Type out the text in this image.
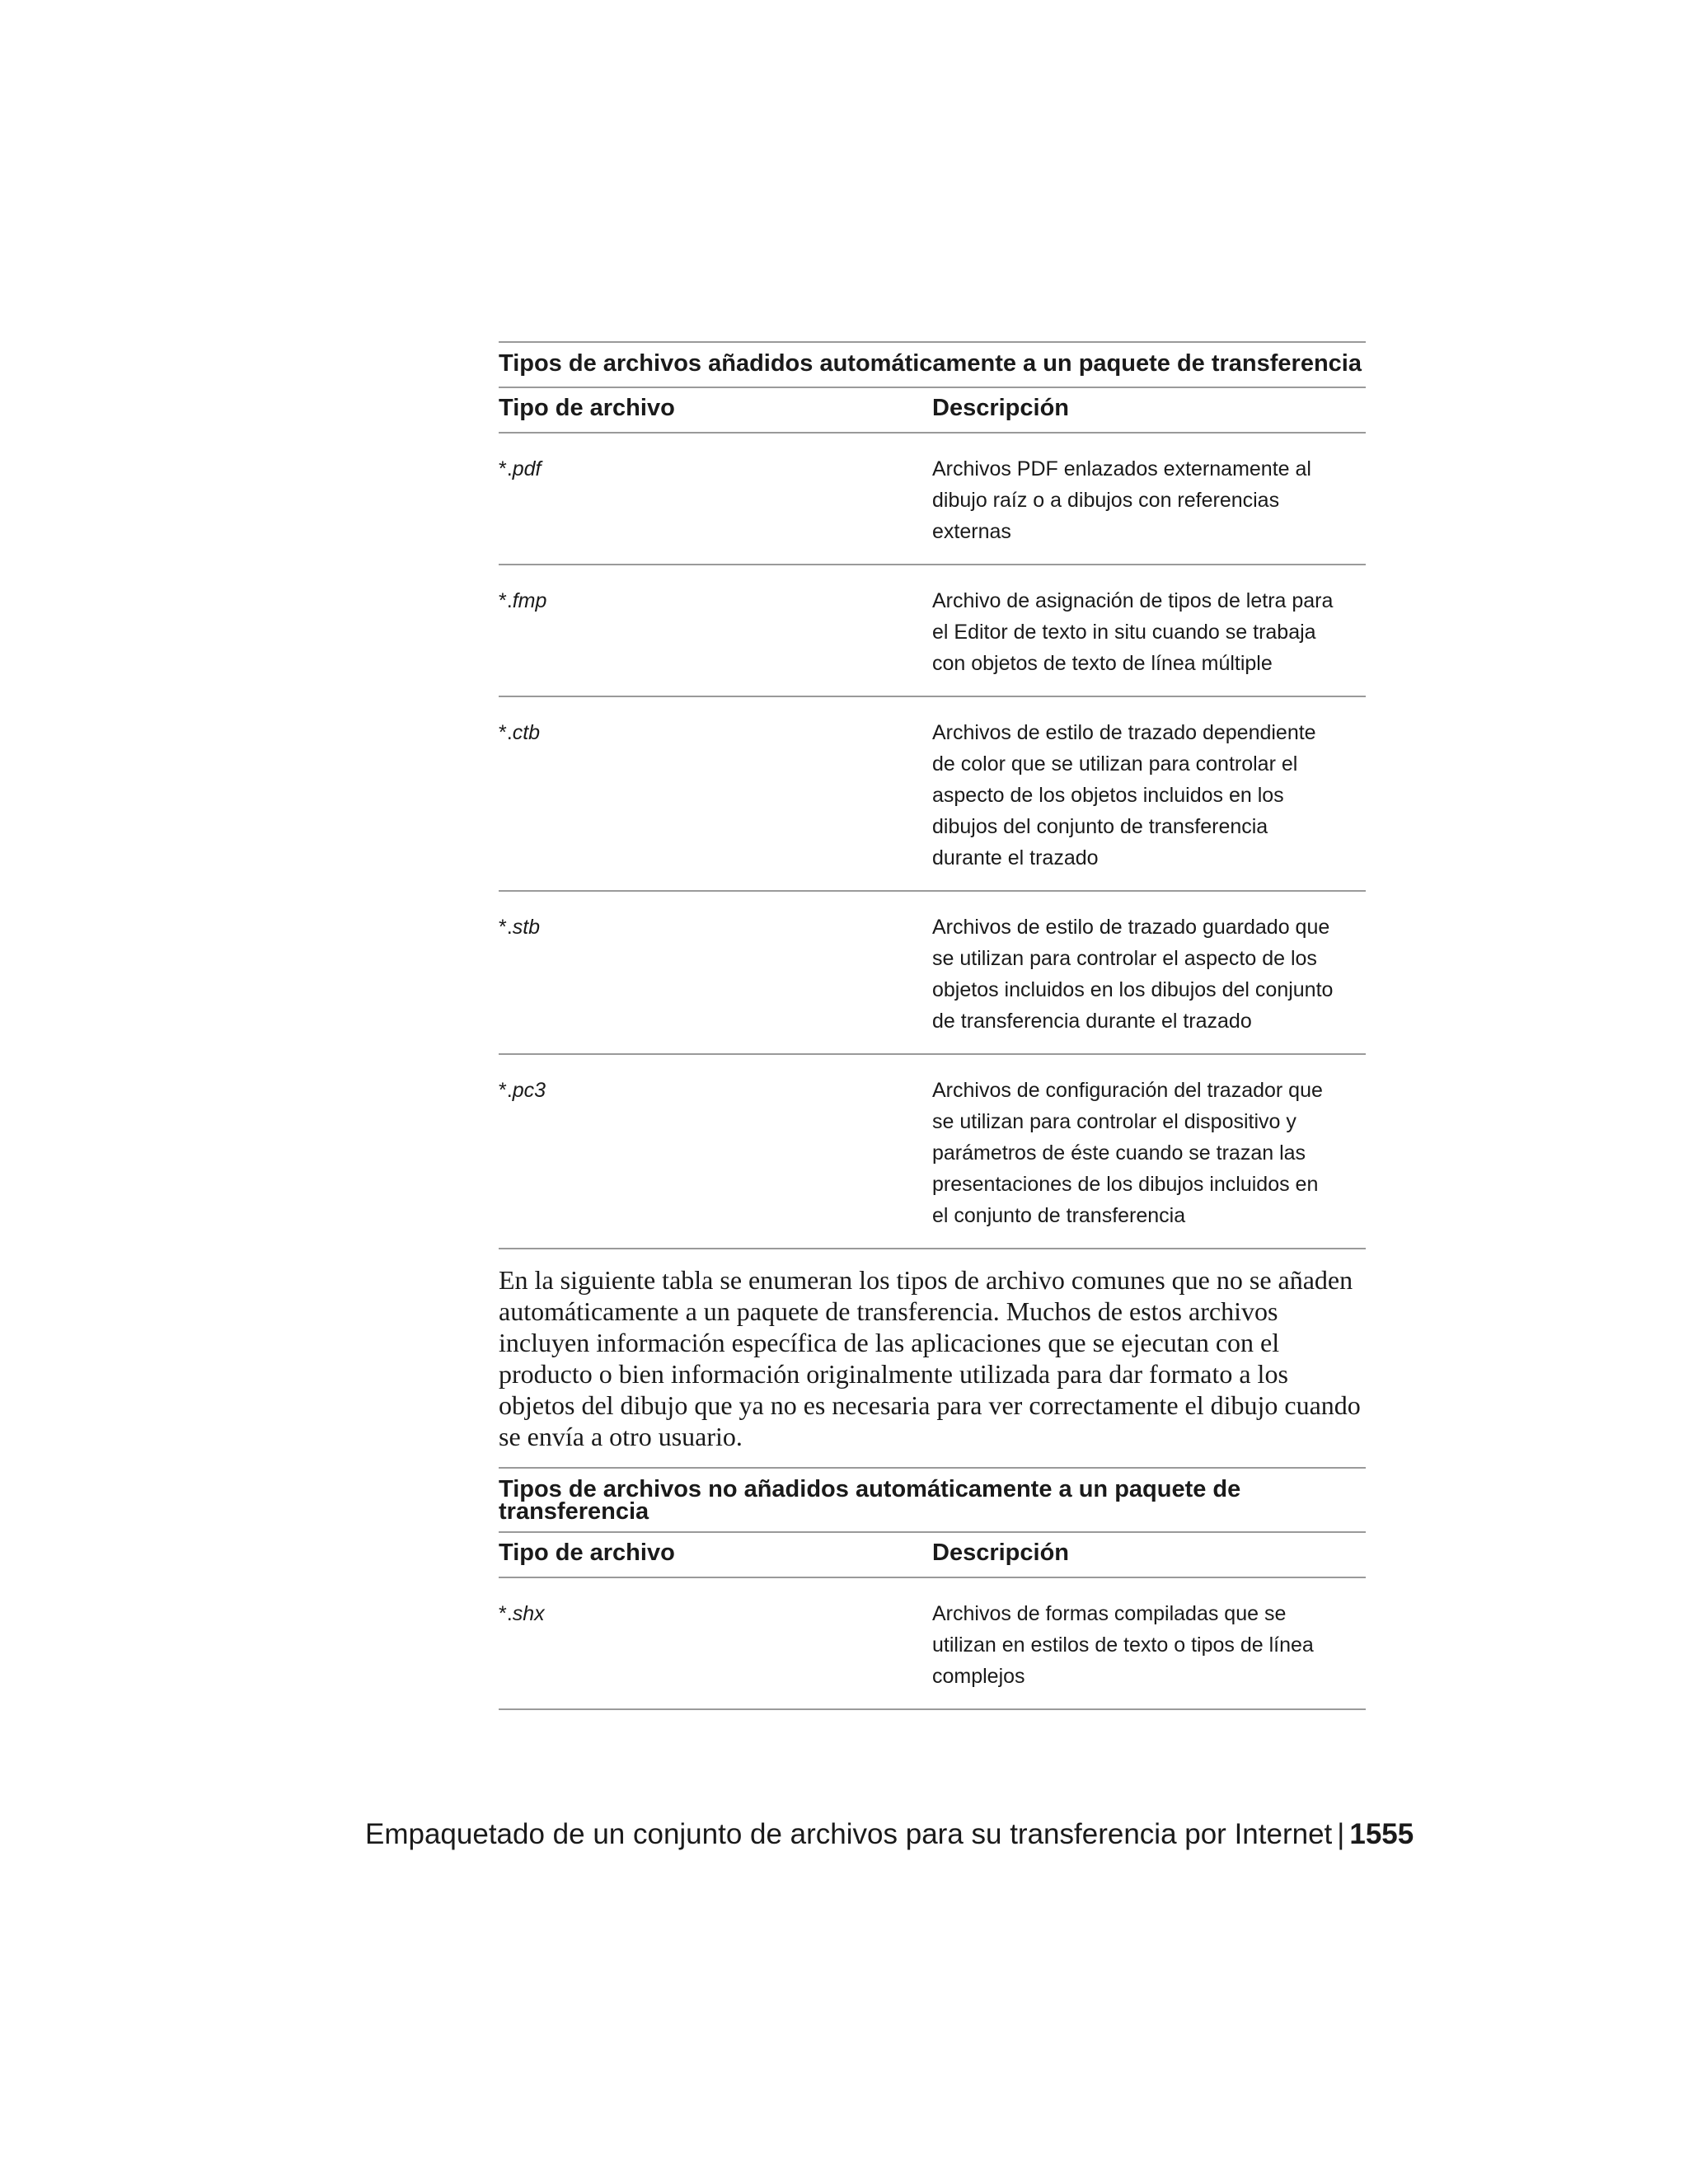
Tipos de archivos añadidos automáticamente a un paquete de transferencia
Tipo de archivo	Descripción
*.pdf	Archivos PDF enlazados externamente al dibujo raíz o a dibujos con referencias externas
*.fmp	Archivo de asignación de tipos de letra para el Editor de texto in situ cuando se trabaja con objetos de texto de línea múltiple
*.ctb	Archivos de estilo de trazado dependiente de color que se utilizan para controlar el aspecto de los objetos incluidos en los dibujos del conjunto de transferencia durante el trazado
*.stb	Archivos de estilo de trazado guardado que se utilizan para controlar el aspecto de los objetos incluidos en los dibujos del conjunto de transferencia durante el trazado
*.pc3	Archivos de configuración del trazador que se utilizan para controlar el dispositivo y parámetros de éste cuando se trazan las presentaciones de los dibujos incluidos en el conjunto de transferencia

En la siguiente tabla se enumeran los tipos de archivo comunes que no se añaden automáticamente a un paquete de transferencia. Muchos de estos archivos incluyen información específica de las aplicaciones que se ejecutan con el producto o bien información originalmente utilizada para dar formato a los objetos del dibujo que ya no es necesaria para ver correctamente el dibujo cuando se envía a otro usuario.

Tipos de archivos no añadidos automáticamente a un paquete de transferencia
Tipo de archivo	Descripción
*.shx	Archivos de formas compiladas que se utilizan en estilos de texto o tipos de línea complejos
Empaquetado de un conjunto de archivos para su transferencia por Internet | 1555
